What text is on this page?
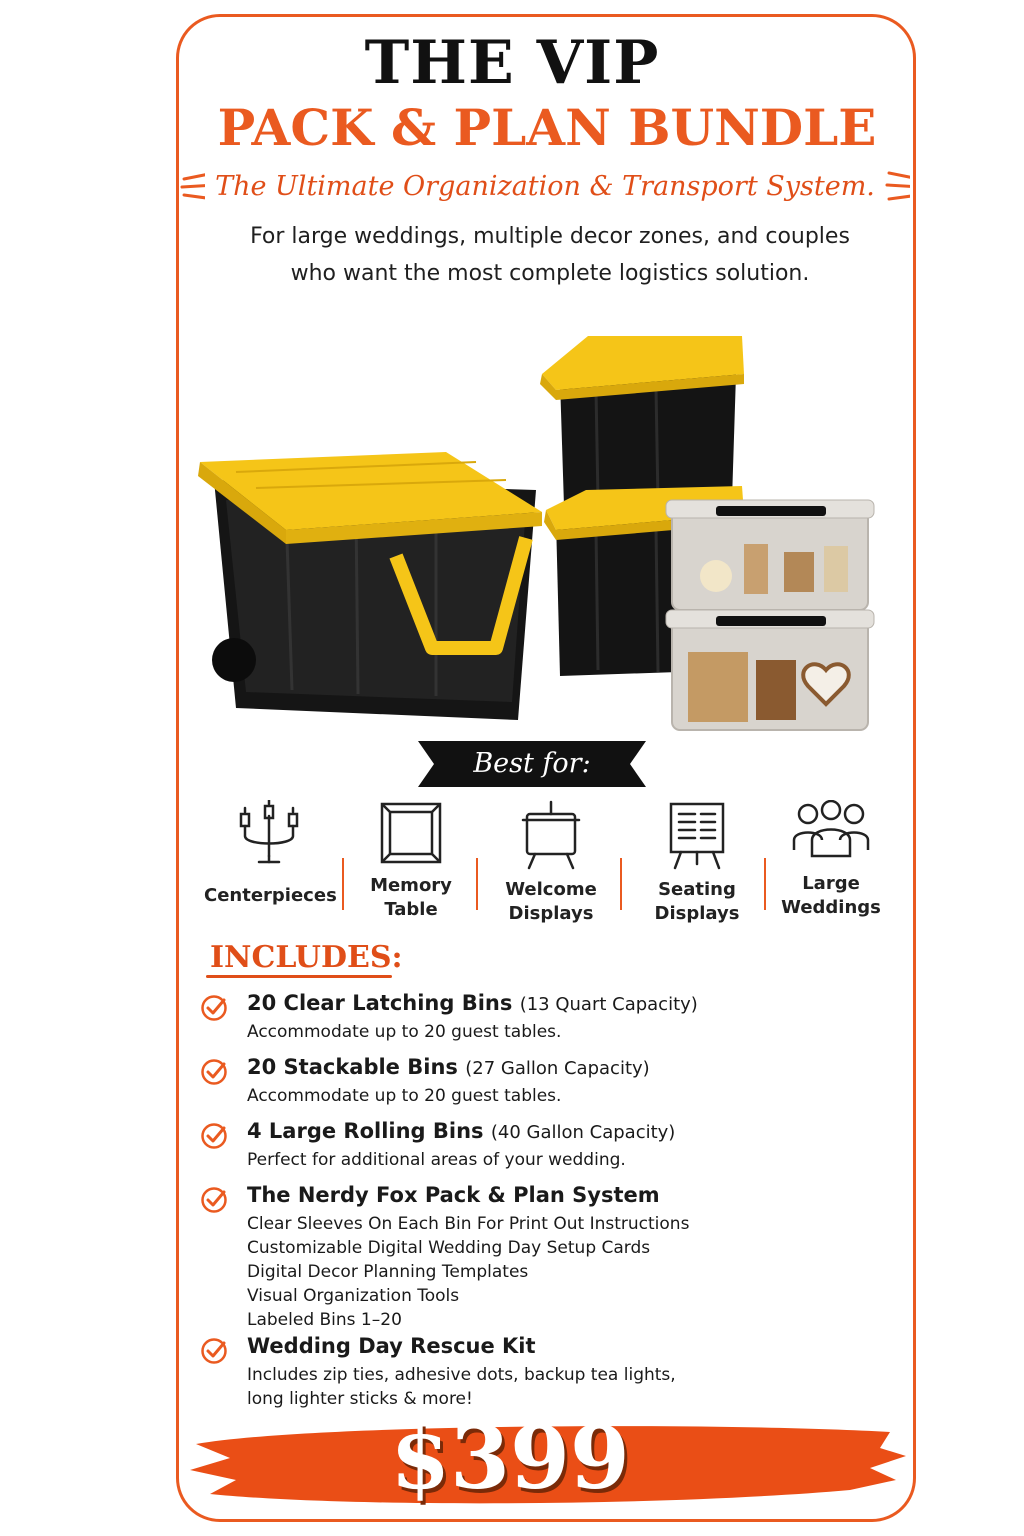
THE VIP
PACK & PLAN BUNDLE
The Ultimate Organization & Transport System.
For large weddings, multiple decor zones, and couples who want the most complete logistics solution.
Best for:
Centerpieces	Memory Table
Welcome Displays
Seating Displays
Large Weddings
INCLUDES:
20 Clear Latching Bins (13 Quart Capacity)
Accommodate up to 20 guest tables.
20 Stackable Bins (27 Gallon Capacity)
Accommodate up to 20 guest tables.
4 Large Rolling Bins (40 Gallon Capacity)
Perfect for additional areas of your wedding.
The Nerdy Fox Pack & Plan System
Clear Sleeves On Each Bin For Print Out Instructions
Customizable Digital Wedding Day Setup Cards
Digital Decor Planning Templates
Visual Organization Tools
Labeled Bins 1–20
Wedding Day Rescue Kit
Includes zip ties, adhesive dots, backup tea lights,
long lighter sticks & more!
$399
